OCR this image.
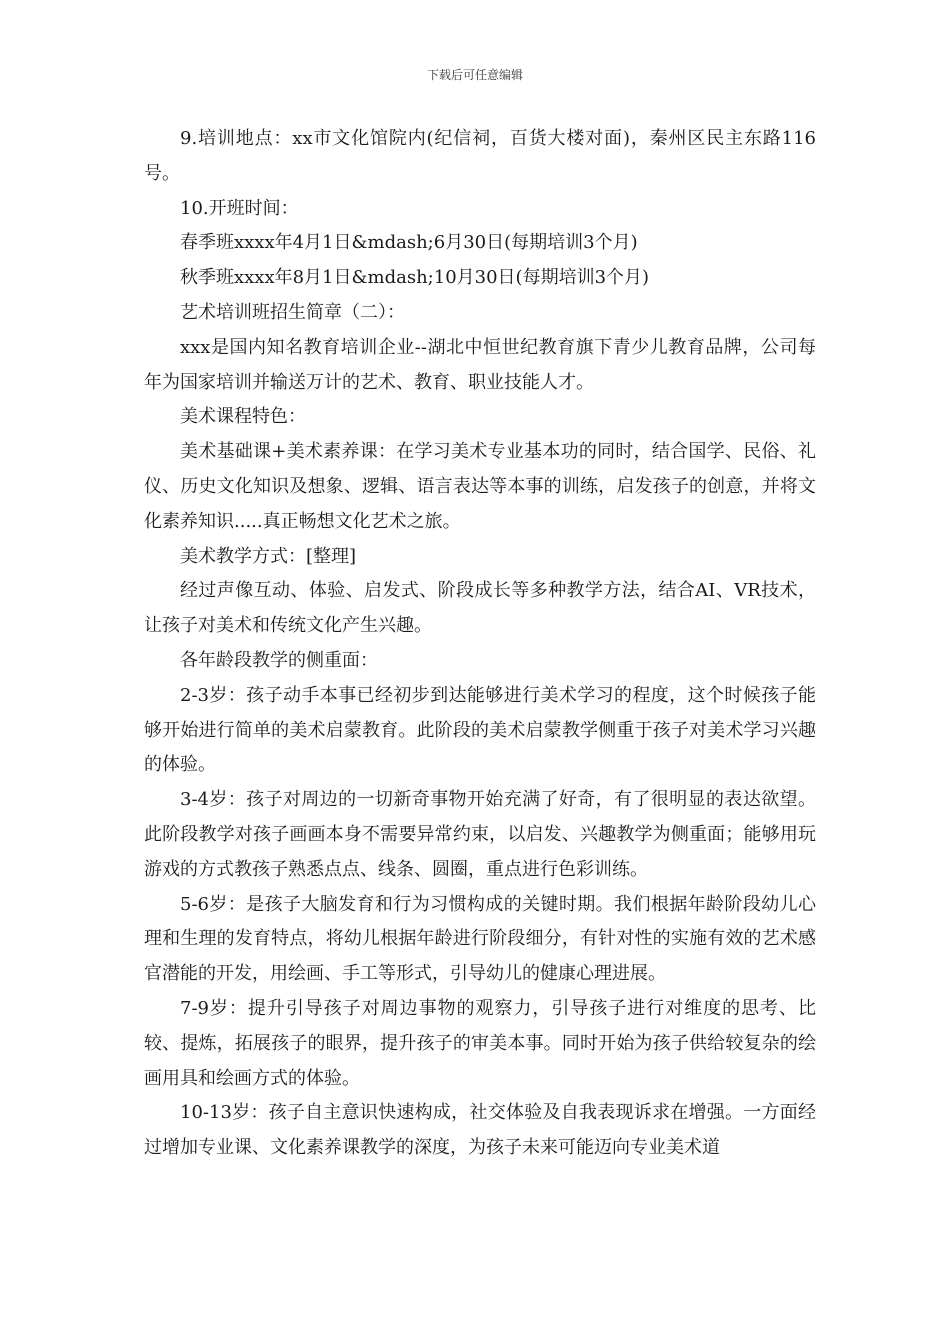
下载后可任意编辑

9.培训地点：xx市文化馆院内(纪信祠，百货大楼对面)，秦州区民主东路116号。

10.开班时间：

春季班xxxx年4月1日&mdash;6月30日(每期培训3个月)

秋季班xxxx年8月1日&mdash;10月30日(每期培训3个月)

艺术培训班招生简章（二）：

xxx是国内知名教育培训企业--湖北中恒世纪教育旗下青少儿教育品牌，公司每年为国家培训并输送万计的艺术、教育、职业技能人才。

美术课程特色：

美术基础课+美术素养课：在学习美术专业基本功的同时，结合国学、民俗、礼仪、历史文化知识及想象、逻辑、语言表达等本事的训练，启发孩子的创意，并将文化素养知识.....真正畅想文化艺术之旅。

美术教学方式：[整理]

经过声像互动、体验、启发式、阶段成长等多种教学方法，结合AI、VR技术，让孩子对美术和传统文化产生兴趣。

各年龄段教学的侧重面：

2-3岁：孩子动手本事已经初步到达能够进行美术学习的程度，这个时候孩子能够开始进行简单的美术启蒙教育。此阶段的美术启蒙教学侧重于孩子对美术学习兴趣的体验。

3-4岁：孩子对周边的一切新奇事物开始充满了好奇，有了很明显的表达欲望。此阶段教学对孩子画画本身不需要异常约束，以启发、兴趣教学为侧重面；能够用玩游戏的方式教孩子熟悉点点、线条、圆圈，重点进行色彩训练。

5-6岁：是孩子大脑发育和行为习惯构成的关键时期。我们根据年龄阶段幼儿心理和生理的发育特点，将幼儿根据年龄进行阶段细分，有针对性的实施有效的艺术感官潜能的开发，用绘画、手工等形式，引导幼儿的健康心理进展。

7-9岁：提升引导孩子对周边事物的观察力，引导孩子进行对维度的思考、比较、提炼，拓展孩子的眼界，提升孩子的审美本事。同时开始为孩子供给较复杂的绘画用具和绘画方式的体验。

10-13岁：孩子自主意识快速构成，社交体验及自我表现诉求在增强。一方面经过增加专业课、文化素养课教学的深度，为孩子未来可能迈向专业美术道
